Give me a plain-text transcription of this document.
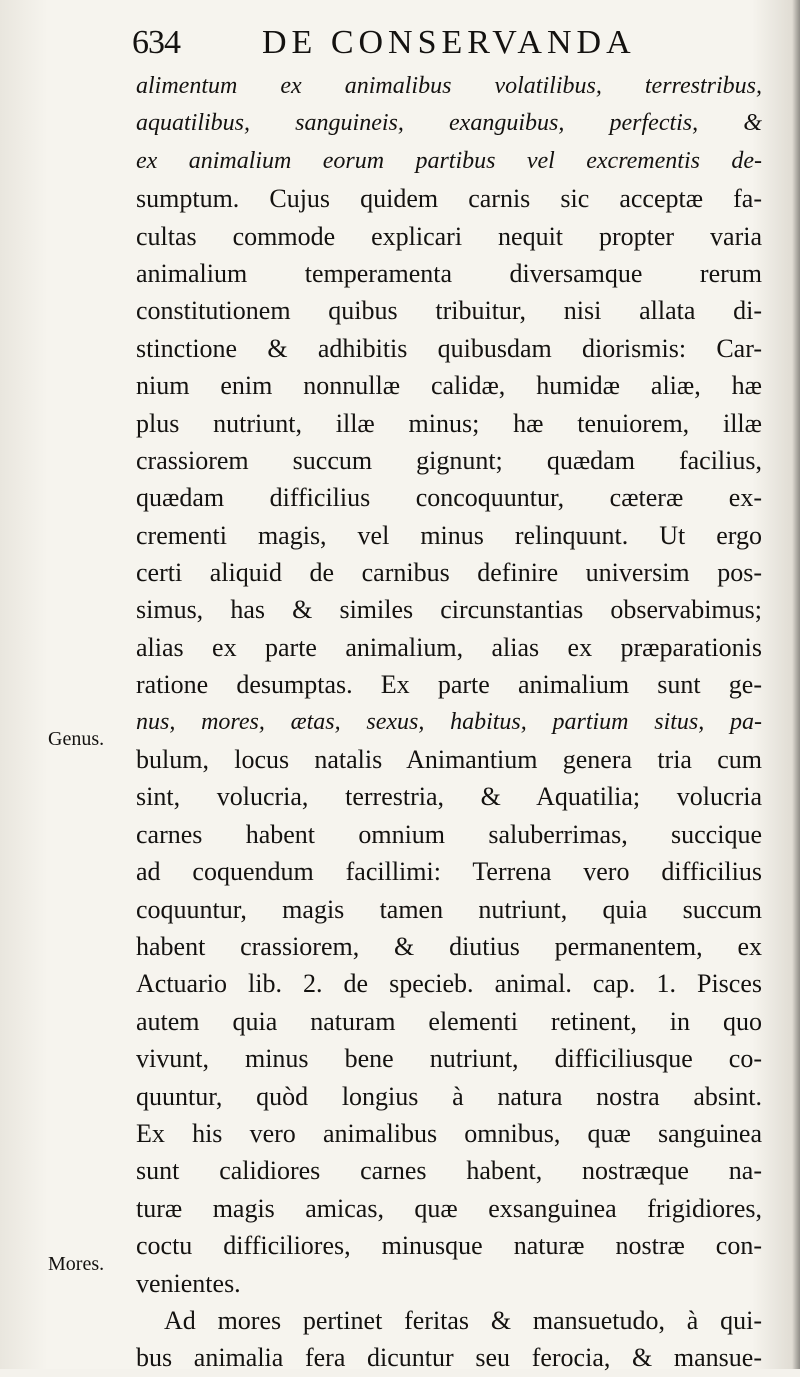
634 DE CONSERVANDA
Genus.
Mores.
alimentum ex animalibus volatilibus, terrestribus,
aquatilibus, sanguineis, exanguibus, perfectis, &
ex animalium eorum partibus vel excrementis de-
sumptum. Cujus quidem carnis sic acceptæ fa-
cultas commode explicari nequit propter varia
animalium temperamenta diversamque rerum
constitutionem quibus tribuitur, nisi allata di-
stinctione & adhibitis quibusdam diorismis: Car-
nium enim nonnullæ calidæ, humidæ aliæ, hæ
plus nutriunt, illæ minus; hæ tenuiorem, illæ
crassiorem succum gignunt; quædam facilius,
quædam difficilius concoquuntur, cæteræ ex-
crementi magis, vel minus relinquunt. Ut ergo
certi aliquid de carnibus definire universim pos-
simus, has & similes circunstantias observabimus;
alias ex parte animalium, alias ex præparationis
ratione desumptas. Ex parte animalium sunt ge-
nus, mores, ætas, sexus, habitus, partium situs, pa-
bulum, locus natalis Animantium genera tria cum
sint, volucria, terrestria, & Aquatilia; volucria
carnes habent omnium saluberrimas, succique
ad coquendum facillimi: Terrena vero difficilius
coquuntur, magis tamen nutriunt, quia succum
habent crassiorem, & diutius permanentem, ex
Actuario lib. 2. de specieb. animal. cap. 1. Pisces
autem quia naturam elementi retinent, in quo
vivunt, minus bene nutriunt, difficiliusque co-
quuntur, quòd longius à natura nostra absint.
Ex his vero animalibus omnibus, quæ sanguinea
sunt calidiores carnes habent, nostræque na-
turæ magis amicas, quæ exsanguinea frigidiores,
coctu difficiliores, minusque naturæ nostræ con-
venientes.
Ad mores pertinet feritas & mansuetudo, à qui-
bus animalia fera dicuntur seu ferocia, & mansue-
